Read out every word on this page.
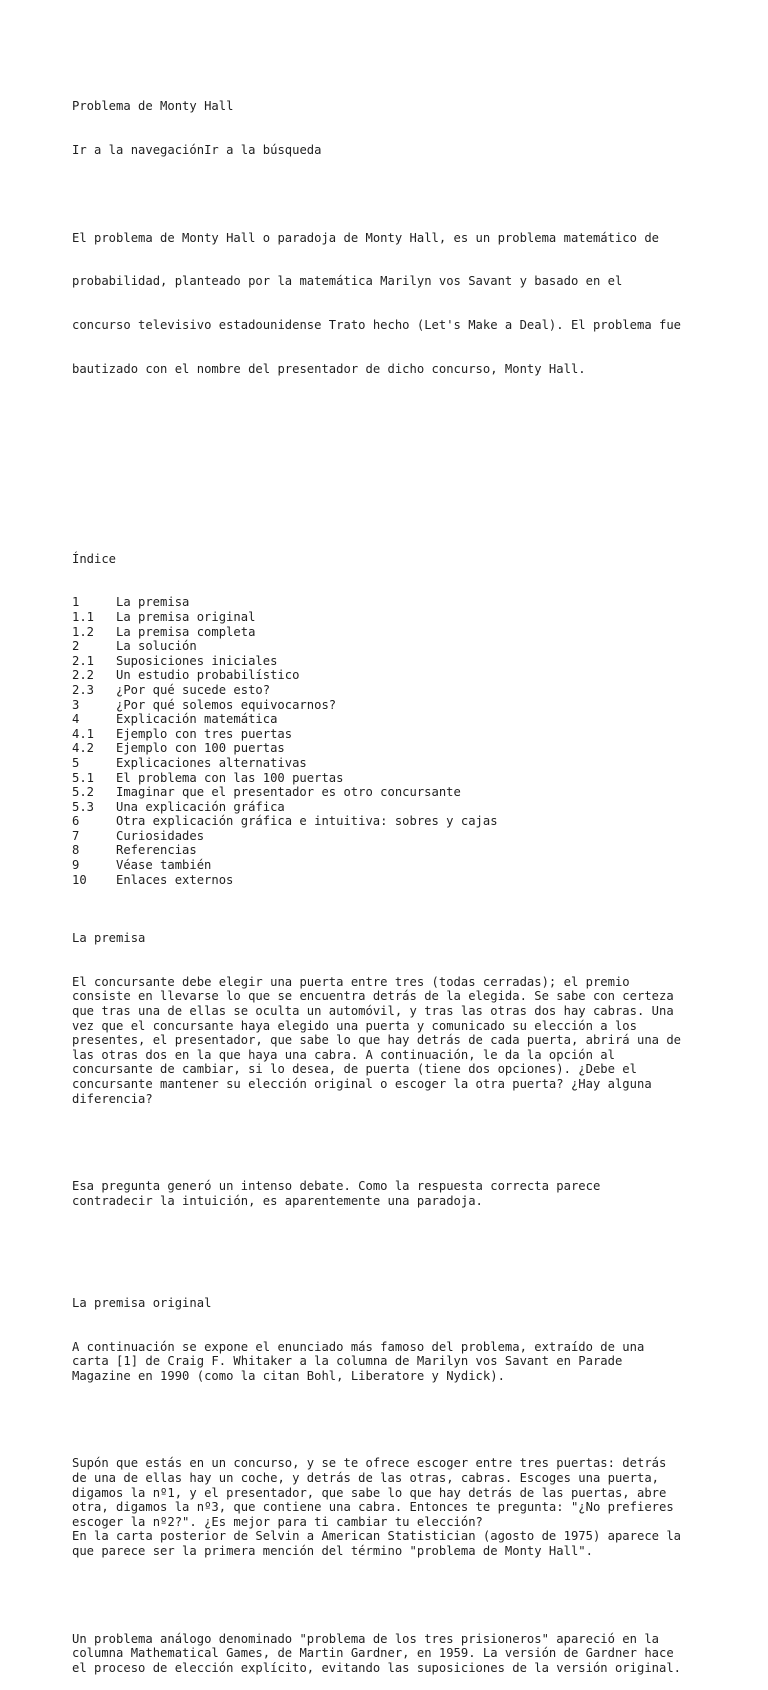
Problema de Monty Hall

Ir a la navegaciónIr a la búsqueda

El problema de Monty Hall o paradoja de Monty Hall, es un problema matemático de

probabilidad, planteado por la matemática Marilyn vos Savant y basado en el

concurso televisivo estadounidense Trato hecho (Let's Make a Deal). El problema fue

bautizado con el nombre del presentador de dicho concurso, Monty Hall.

Índice

1	La premisa
1.1 La premisa original
1.2 La premisa completa
2	La solución
2.1 Suposiciones iniciales
2.2 Un estudio probabilístico
2.3 ¿Por qué sucede esto?
3	¿Por qué solemos equivocarnos?
4	Explicación matemática
4.1 Ejemplo con tres puertas
4.2 Ejemplo con 100 puertas
5	Explicaciones alternativas
5.1 El problema con las 100 puertas
5.2 Imaginar que el presentador es otro concursante
5.3 Una explicación gráfica
6	Otra explicación gráfica e intuitiva: sobres y cajas
7	Curiosidades
8	Referencias
9	Véase también
10 Enlaces externos

La premisa

El concursante debe elegir una puerta entre tres (todas cerradas); el premio
consiste en llevarse lo que se encuentra detrás de la elegida. Se sabe con certeza
que tras una de ellas se oculta un automóvil, y tras las otras dos hay cabras. Una
vez que el concursante haya elegido una puerta y comunicado su elección a los
presentes, el presentador, que sabe lo que hay detrás de cada puerta, abrirá una de
las otras dos en la que haya una cabra. A continuación, le da la opción al
concursante de cambiar, si lo desea, de puerta (tiene dos opciones). ¿Debe el
concursante mantener su elección original o escoger la otra puerta? ¿Hay alguna
diferencia?

Esa pregunta generó un intenso debate. Como la respuesta correcta parece
contradecir la intuición, es aparentemente una paradoja.

La premisa original

A continuación se expone el enunciado más famoso del problema, extraído de una
carta [1] de Craig F. Whitaker a la columna de Marilyn vos Savant en Parade
Magazine en 1990 (como la citan Bohl, Liberatore y Nydick).

Supón que estás en un concurso, y se te ofrece escoger entre tres puertas: detrás
de una de ellas hay un coche, y detrás de las otras, cabras. Escoges una puerta,
digamos la nº1, y el presentador, que sabe lo que hay detrás de las puertas, abre
otra, digamos la nº3, que contiene una cabra. Entonces te pregunta: "¿No prefieres
escoger la nº2?". ¿Es mejor para ti cambiar tu elección?
En la carta posterior de Selvin a American Statistician (agosto de 1975) aparece la
que parece ser la primera mención del término "problema de Monty Hall".

Un problema análogo denominado "problema de los tres prisioneros" apareció en la
columna Mathematical Games, de Martin Gardner, en 1959. La versión de Gardner hace
el proceso de elección explícito, evitando las suposiciones de la versión original.
